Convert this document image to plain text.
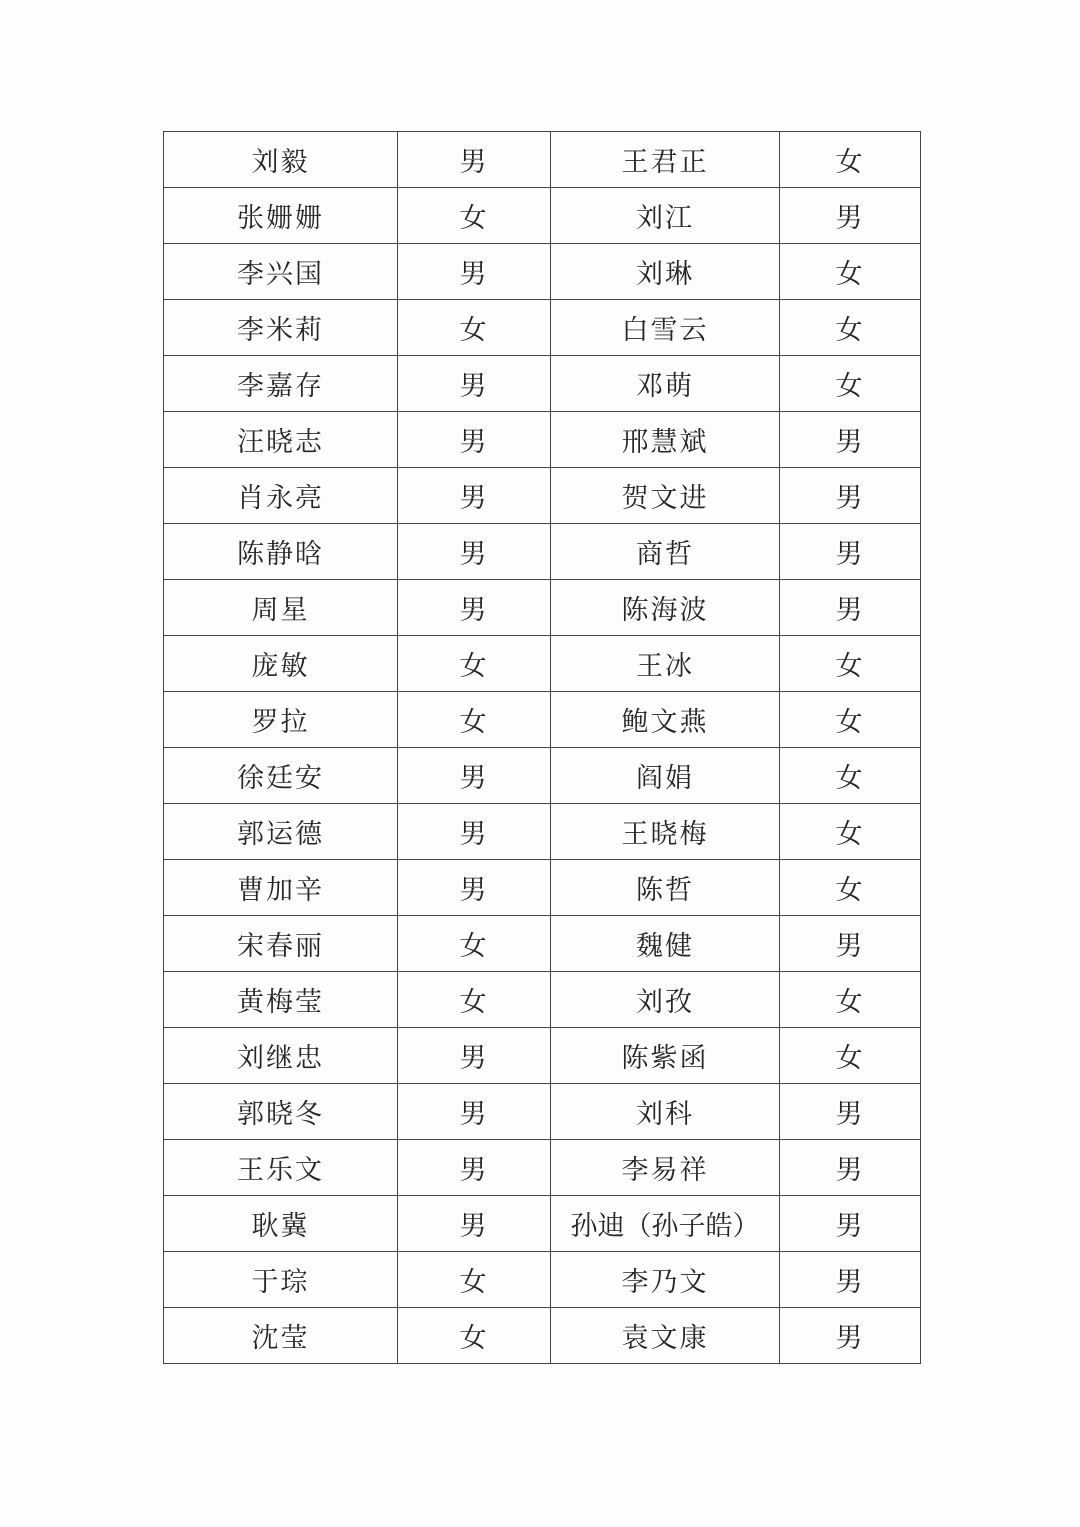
刘毅	男	王君正	女
张姗姗	女	刘江	男
李兴国	男	刘琳	女
李米莉	女	白雪云	女
李嘉存	男	邓萌	女
汪晓志	男	邢慧斌	男
肖永亮	男	贺文进	男
陈静晗	男	商哲	男
周星	男	陈海波	男
庞敏	女	王冰	女
罗拉	女	鲍文燕	女
徐廷安	男	阎娟	女
郭运德	男	王晓梅	女
曹加辛	男	陈哲	女
宋春丽	女	魏健	男
黄梅莹	女	刘孜	女
刘继忠	男	陈紫函	女
郭晓冬	男	刘科	男
王乐文	男	李易祥	男
耿冀	男	孙迪（孙子皓）	男
于琮	女	李乃文	男
沈莹	女	袁文康	男
